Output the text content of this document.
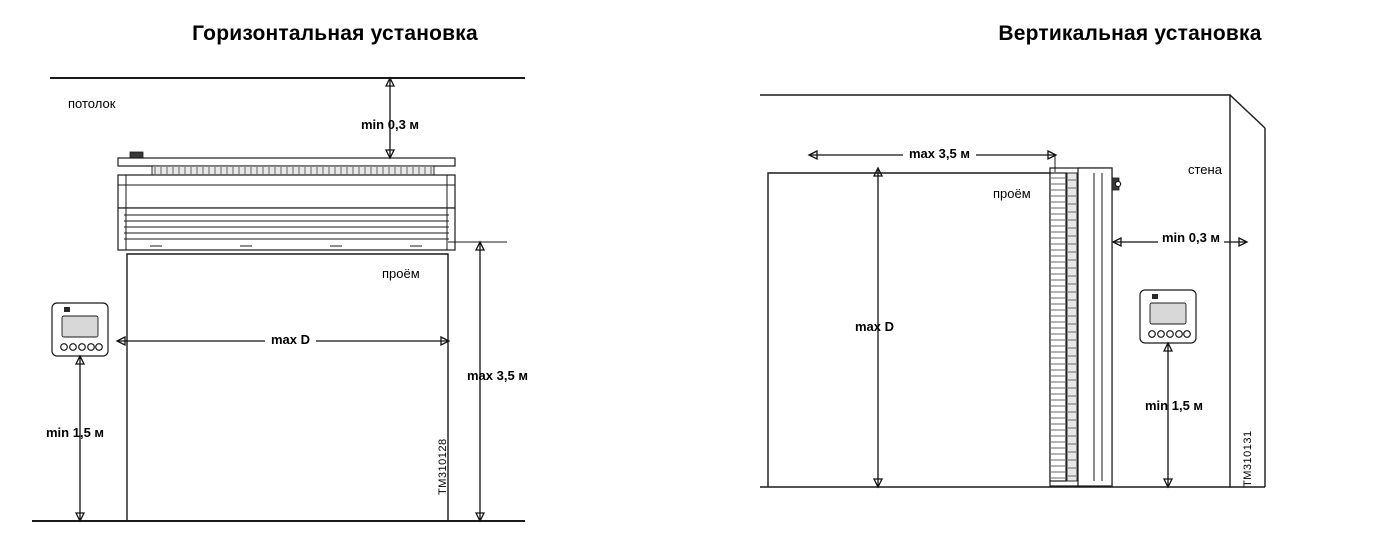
Горизонтальная установка
потолок
min 0,3 м
проём
max D
max 3,5 м
min 1,5 м
TM310128
Вертикальная установка
max 3,5 м
проём
стена
min 0,3 м
max D
min 1,5 м
TM310131
